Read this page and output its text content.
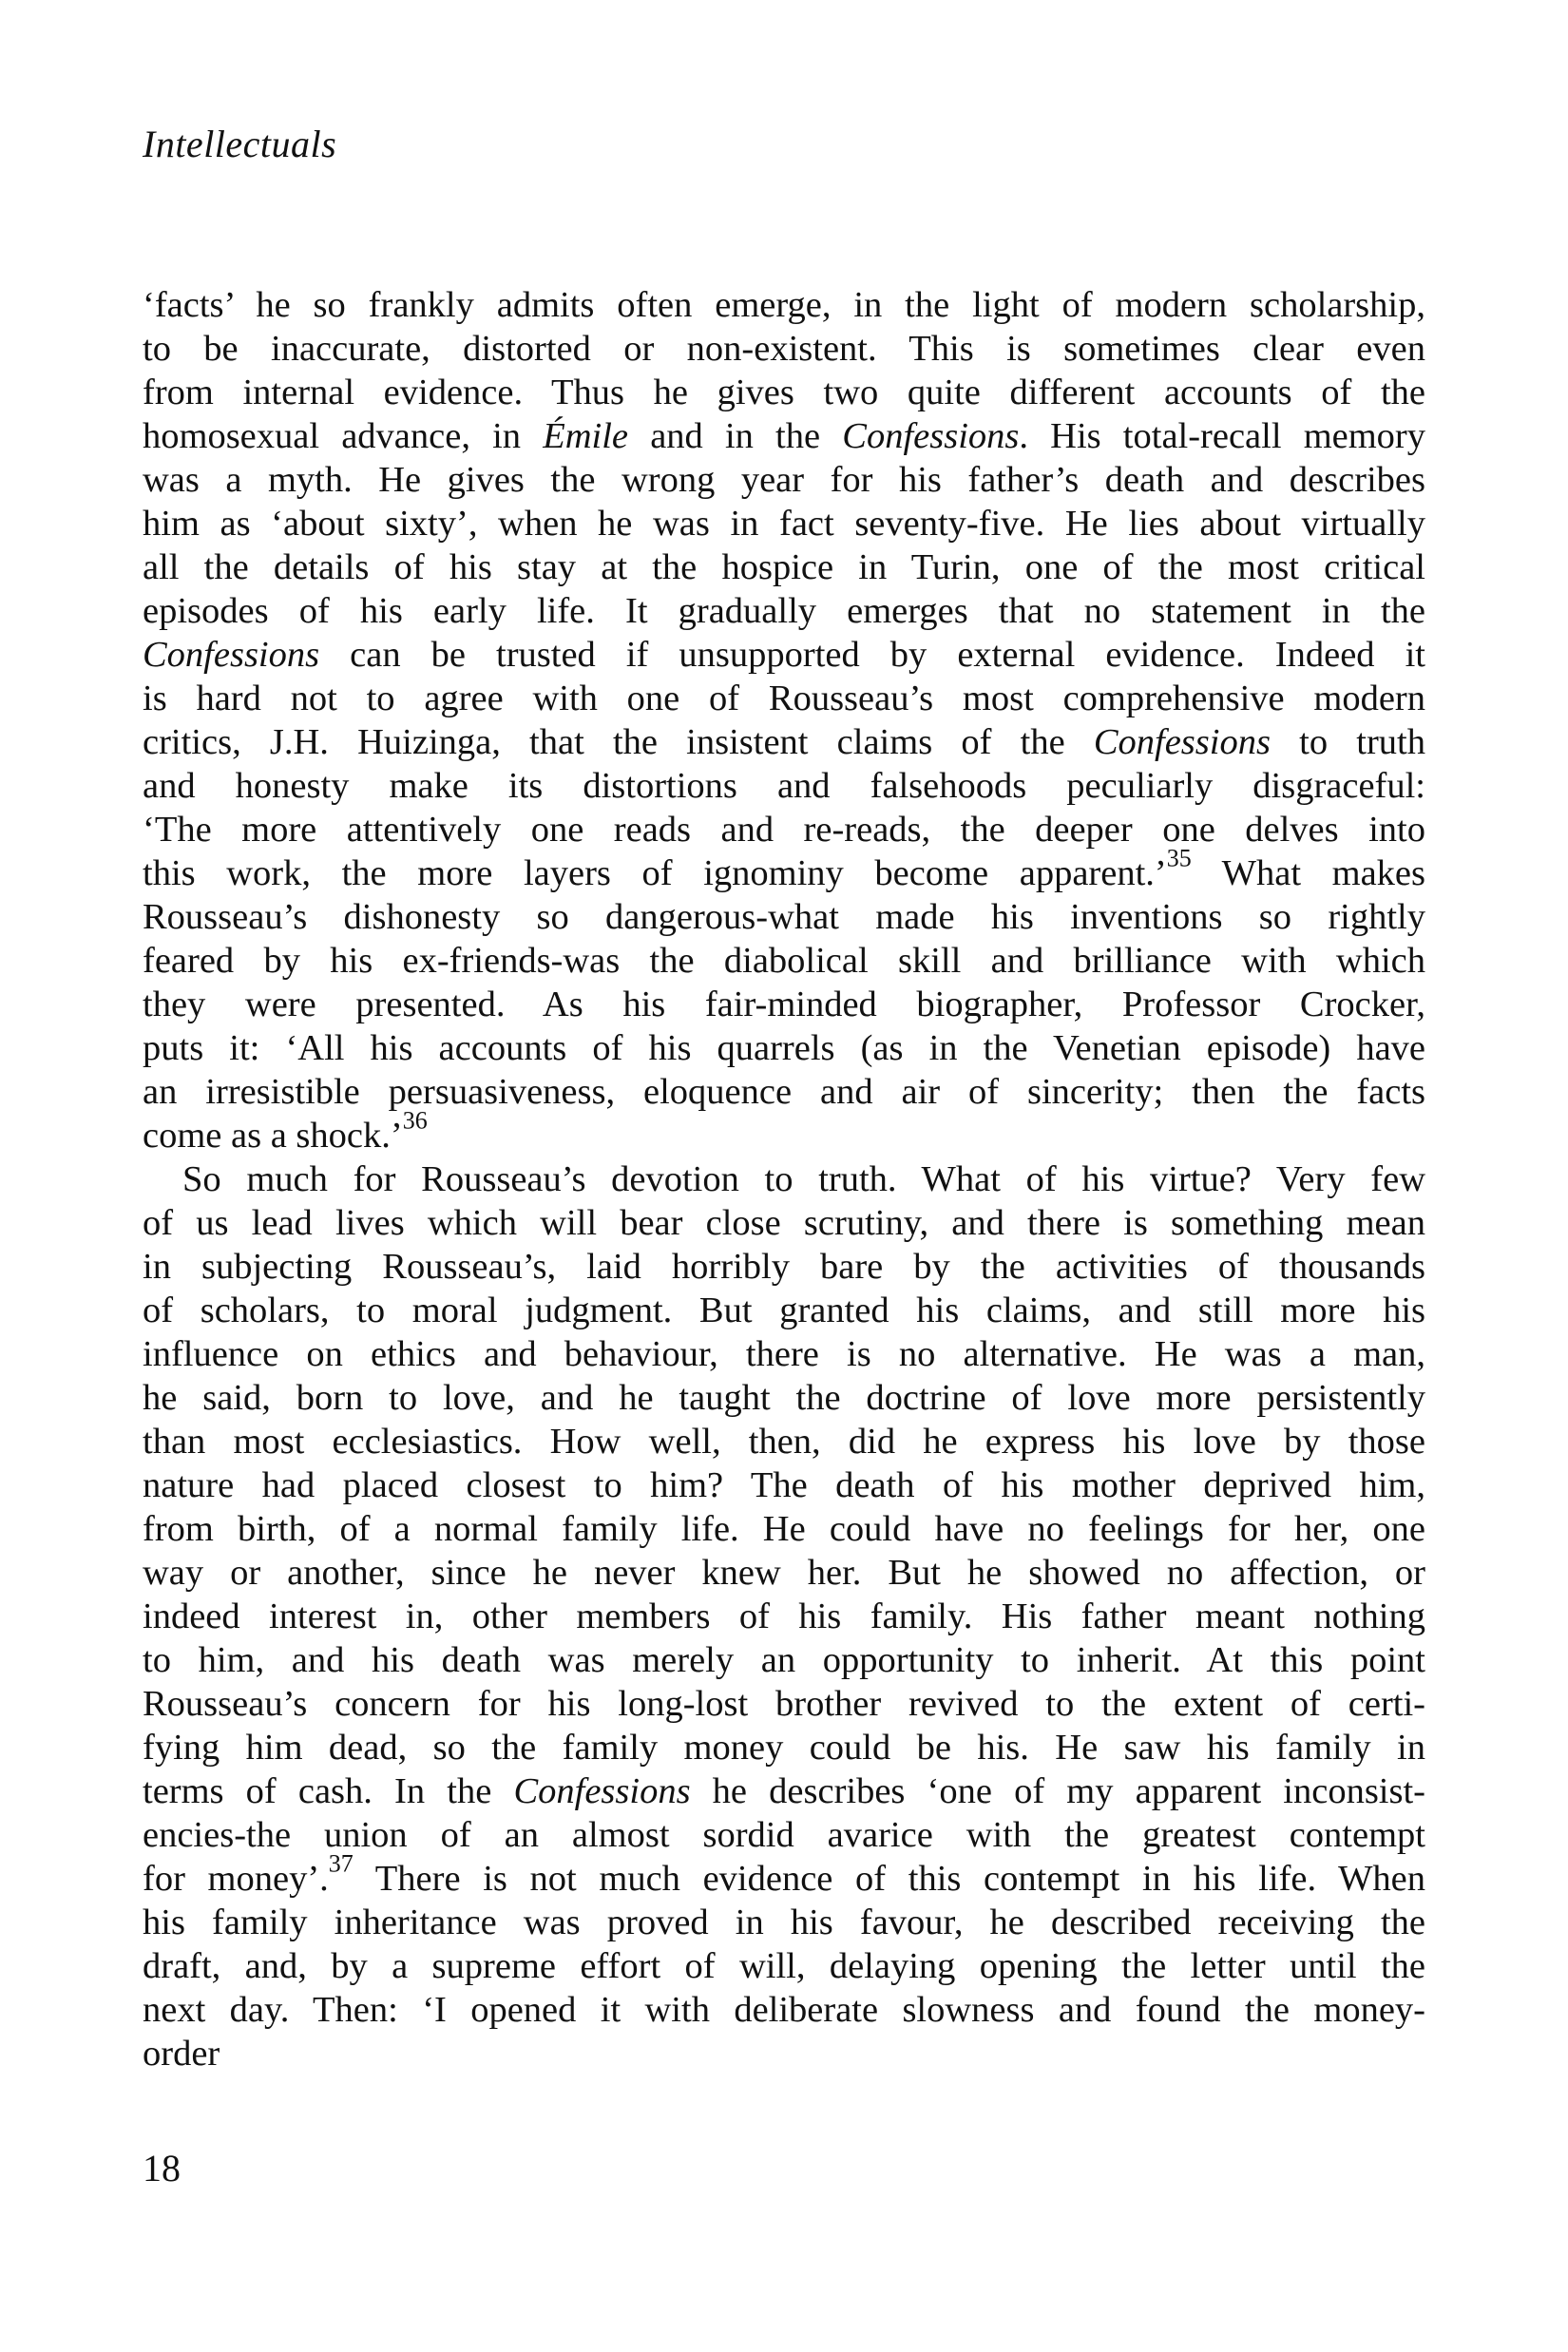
Intellectuals
‘facts’ he so frankly admits often emerge, in the light of modern scholarship,
to be inaccurate, distorted or non-existent. This is sometimes clear even
from internal evidence. Thus he gives two quite different accounts of the
homosexual advance, in Émile and in the Confessions. His total-recall memory
was a myth. He gives the wrong year for his father’s death and describes
him as ‘about sixty’, when he was in fact seventy-five. He lies about virtually
all the details of his stay at the hospice in Turin, one of the most critical
episodes of his early life. It gradually emerges that no statement in the
Confessions can be trusted if unsupported by external evidence. Indeed it
is hard not to agree with one of Rousseau’s most comprehensive modern
critics, J.H. Huizinga, that the insistent claims of the Confessions to truth
and honesty make its distortions and falsehoods peculiarly disgraceful:
‘The more attentively one reads and re-reads, the deeper one delves into
this work, the more layers of ignominy become apparent.’$^{35}$ What makes
Rousseau’s dishonesty so dangerous-what made his inventions so rightly
feared by his ex-friends-was the diabolical skill and brilliance with which
they were presented. As his fair-minded biographer, Professor Crocker,
puts it: ‘All his accounts of his quarrels (as in the Venetian episode) have
an irresistible persuasiveness, eloquence and air of sincerity; then the facts
come as a shock.’$^{36}$
So much for Rousseau’s devotion to truth. What of his virtue? Very few
of us lead lives which will bear close scrutiny, and there is something mean
in subjecting Rousseau’s, laid horribly bare by the activities of thousands
of scholars, to moral judgment. But granted his claims, and still more his
influence on ethics and behaviour, there is no alternative. He was a man,
he said, born to love, and he taught the doctrine of love more persistently
than most ecclesiastics. How well, then, did he express his love by those
nature had placed closest to him? The death of his mother deprived him,
from birth, of a normal family life. He could have no feelings for her, one
way or another, since he never knew her. But he showed no affection, or
indeed interest in, other members of his family. His father meant nothing
to him, and his death was merely an opportunity to inherit. At this point
Rousseau’s concern for his long-lost brother revived to the extent of certi-
fying him dead, so the family money could be his. He saw his family in
terms of cash. In the Confessions he describes ‘one of my apparent inconsist-
encies-the union of an almost sordid avarice with the greatest contempt
for money’.$^{37}$ There is not much evidence of this contempt in his life. When
his family inheritance was proved in his favour, he described receiving the
draft, and, by a supreme effort of will, delaying opening the letter until the
next day. Then: ‘I opened it with deliberate slowness and found the money-
order
18
